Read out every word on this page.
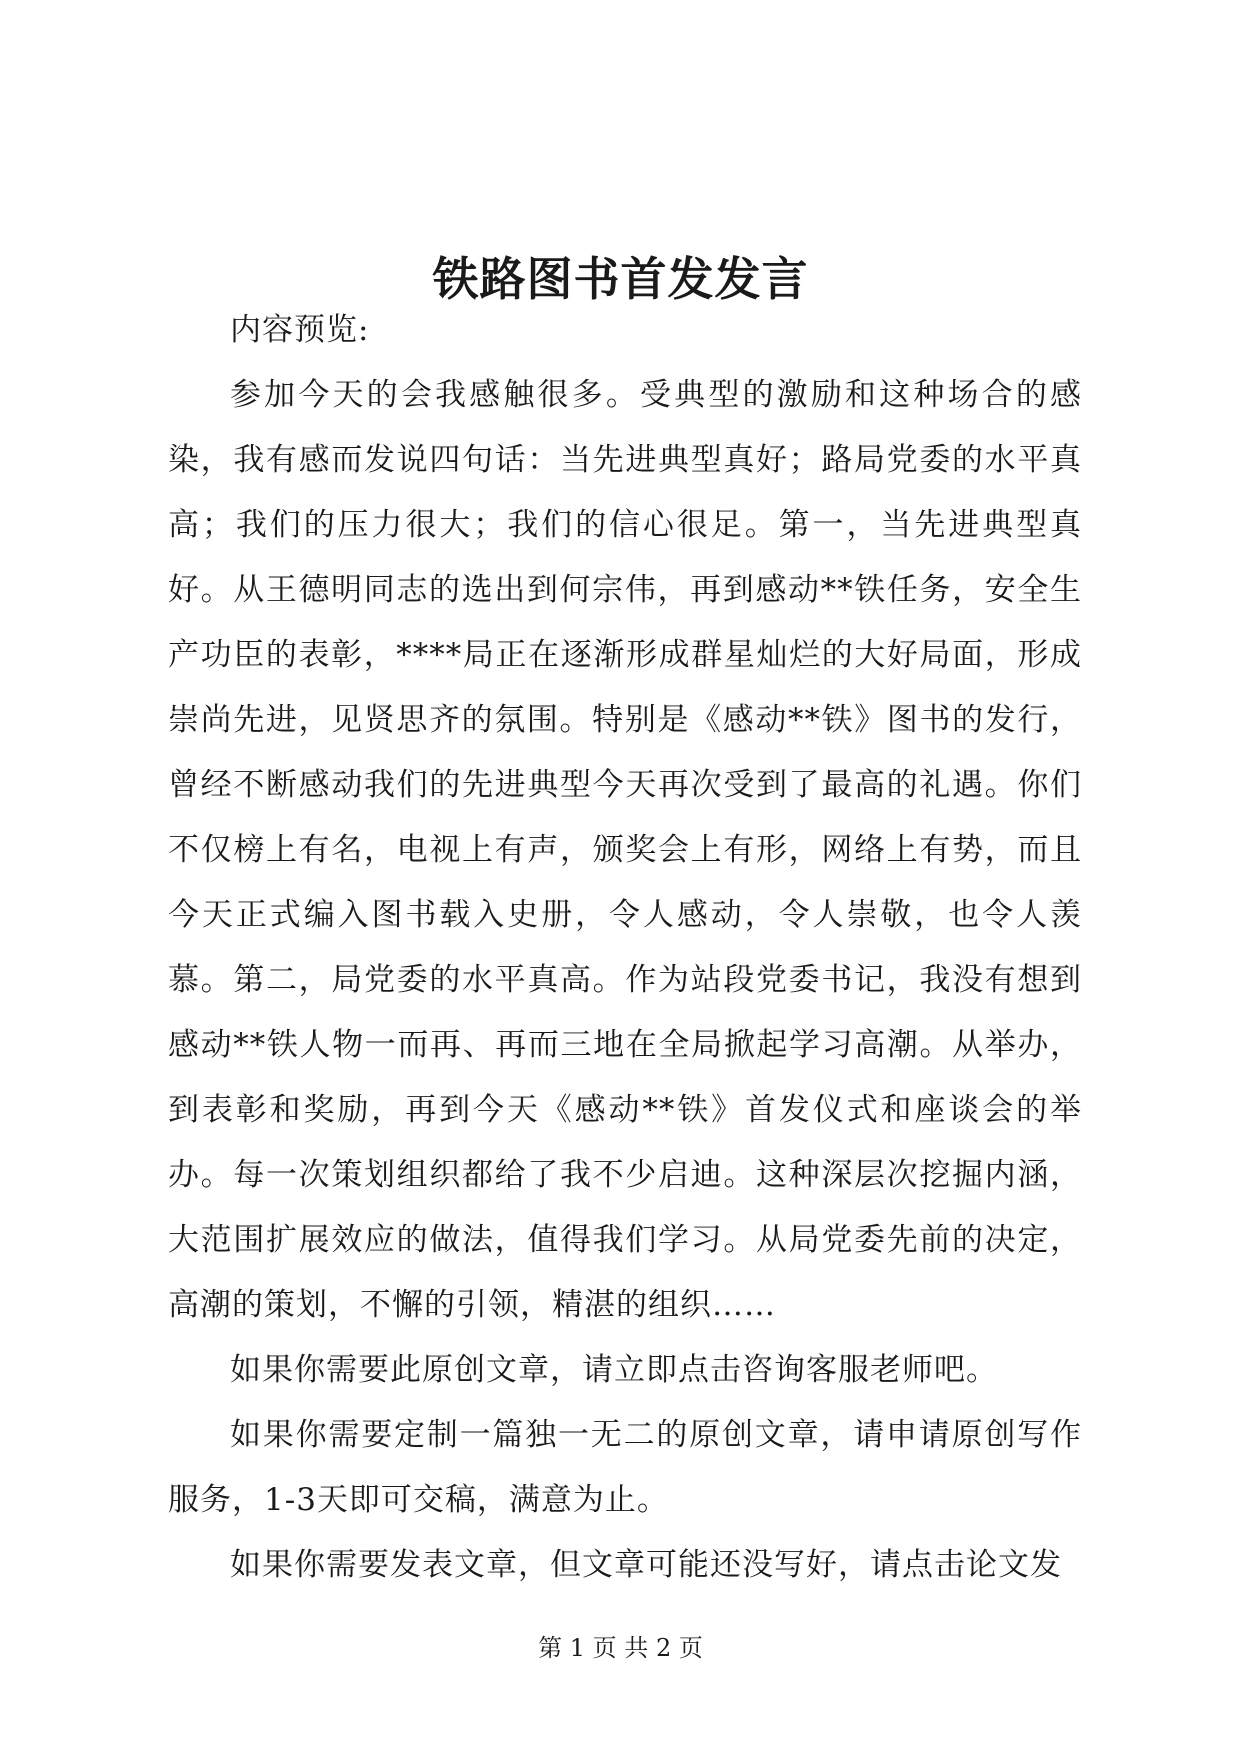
铁路图书首发发言

内容预览:

参加今天的会我感触很多。受典型的激励和这种场合的感染，我有感而发说四句话：当先进典型真好；路局党委的水平真高；我们的压力很大；我们的信心很足。第一，当先进典型真好。从王德明同志的选出到何宗伟，再到感动**铁任务，安全生产功臣的表彰，****局正在逐渐形成群星灿烂的大好局面，形成崇尚先进，见贤思齐的氛围。特别是《感动**铁》图书的发行，曾经不断感动我们的先进典型今天再次受到了最高的礼遇。你们不仅榜上有名，电视上有声，颁奖会上有形，网络上有势，而且今天正式编入图书载入史册，令人感动，令人崇敬，也令人羡慕。第二，局党委的水平真高。作为站段党委书记，我没有想到感动**铁人物一而再、再而三地在全局掀起学习高潮。从举办，到表彰和奖励，再到今天《感动**铁》首发仪式和座谈会的举办。每一次策划组织都给了我不少启迪。这种深层次挖掘内涵，大范围扩展效应的做法，值得我们学习。从局党委先前的决定，高潮的策划，不懈的引领，精湛的组织……

如果你需要此原创文章，请立即点击咨询客服老师吧。

如果你需要定制一篇独一无二的原创文章，请申请原创写作服务，1-3天即可交稿，满意为止。

如果你需要发表文章，但文章可能还没写好，请点击论文发

第 1 页 共 2 页
